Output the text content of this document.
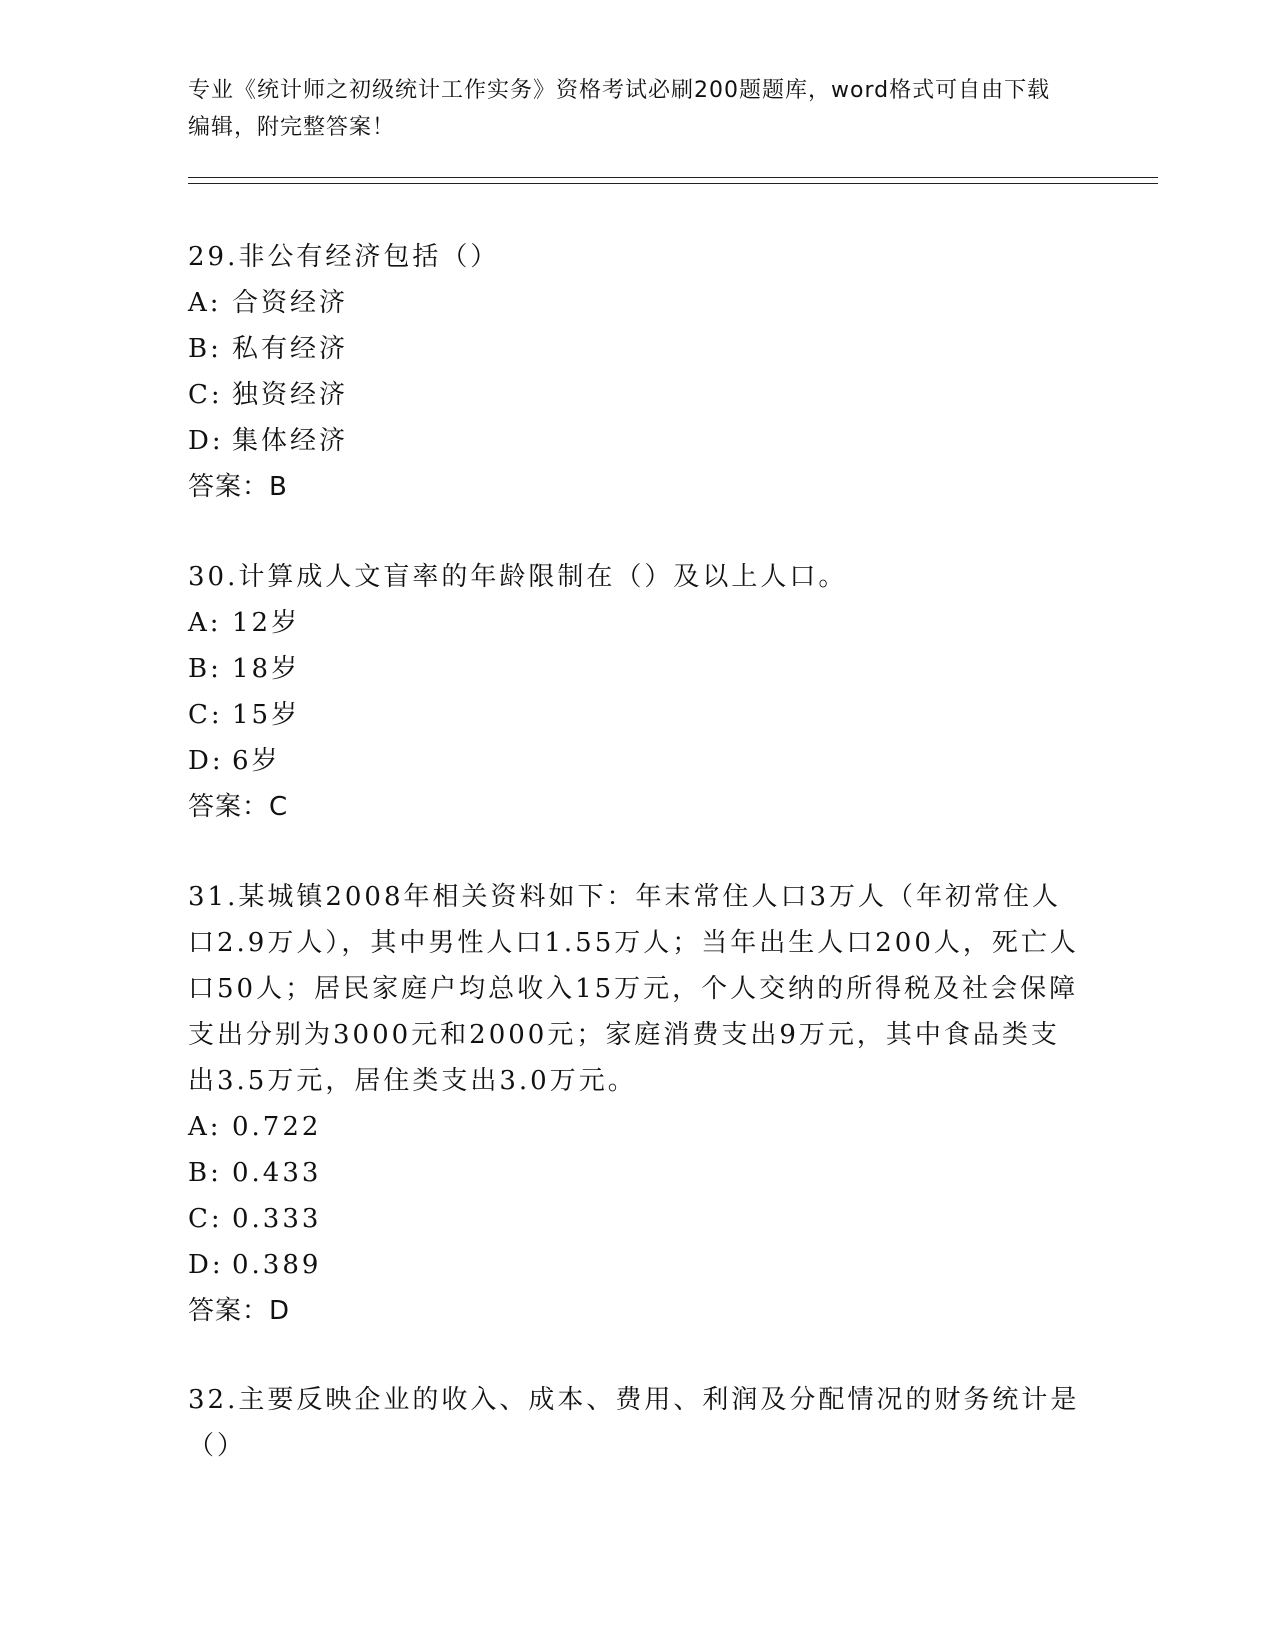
专业《统计师之初级统计工作实务》资格考试必刷200题题库，word格式可自由下载编辑，附完整答案！

29.非公有经济包括（）

A: 合资经济

B: 私有经济

C: 独资经济

D: 集体经济

答案：B

30.计算成人文盲率的年龄限制在（）及以上人口。

A: 12岁

B: 18岁

C: 15岁

D: 6岁

答案：C

31.某城镇2008年相关资料如下：年末常住人口3万人（年初常住人口2.9万人），其中男性人口1.55万人；当年出生人口200人，死亡人口50人；居民家庭户均总收入15万元，个人交纳的所得税及社会保障支出分别为3000元和2000元；家庭消费支出9万元，其中食品类支出3.5万元，居住类支出3.0万元。

A: 0.722

B: 0.433

C: 0.333

D: 0.389

答案：D

32.主要反映企业的收入、成本、费用、利润及分配情况的财务统计是（）
